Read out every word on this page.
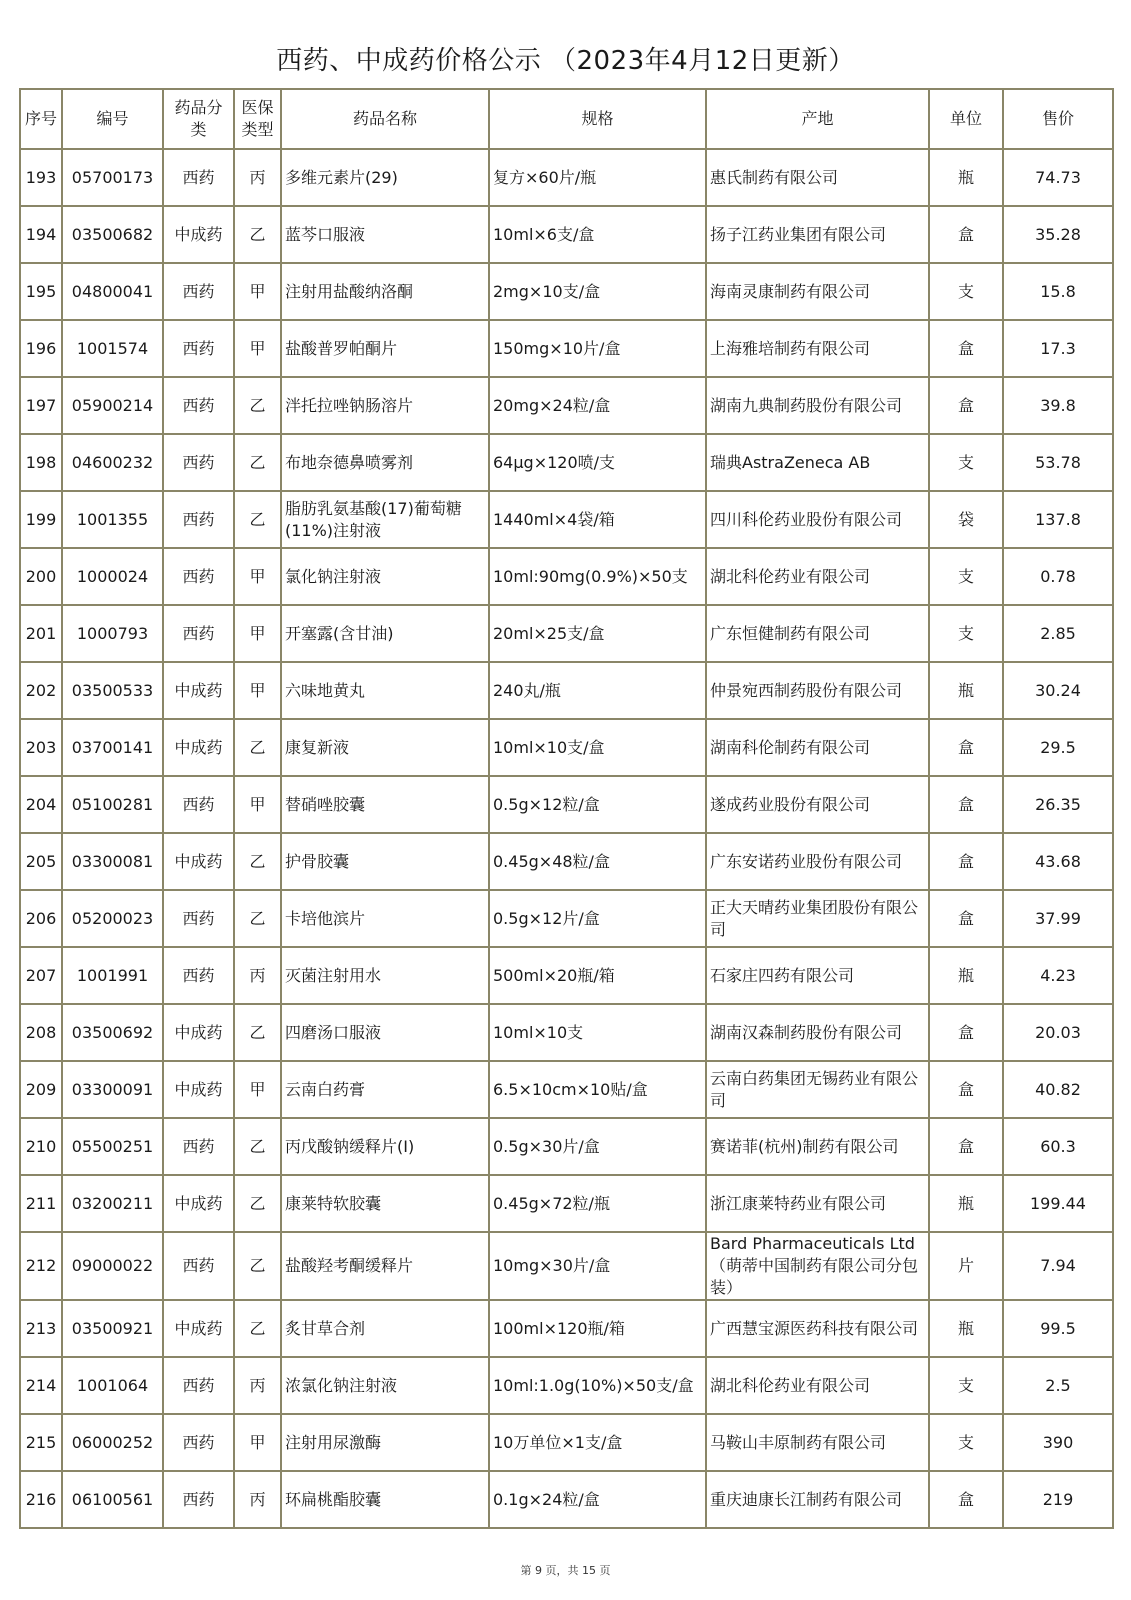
西药、中成药价格公示 （2023年4月12日更新）
序号	编号	药品分类	医保类型	药品名称	规格	产地	单位	售价
193	05700173	西药	丙	多维元素片(29)	复方×60片/瓶	惠氏制药有限公司	瓶	74.73
194	03500682	中成药	乙	蓝芩口服液	10ml×6支/盒	扬子江药业集团有限公司	盒	35.28
195	04800041	西药	甲	注射用盐酸纳洛酮	2mg×10支/盒	海南灵康制药有限公司	支	15.8
196	1001574	西药	甲	盐酸普罗帕酮片	150mg×10片/盒	上海雅培制药有限公司	盒	17.3
197	05900214	西药	乙	泮托拉唑钠肠溶片	20mg×24粒/盒	湖南九典制药股份有限公司	盒	39.8
198	04600232	西药	乙	布地奈德鼻喷雾剂	64μg×120喷/支	瑞典AstraZeneca AB	支	53.78
199	1001355	西药	乙	脂肪乳氨基酸(17)葡萄糖(11%)注射液	1440ml×4袋/箱	四川科伦药业股份有限公司	袋	137.8
200	1000024	西药	甲	氯化钠注射液	10ml:90mg(0.9%)×50支	湖北科伦药业有限公司	支	0.78
201	1000793	西药	甲	开塞露(含甘油)	20ml×25支/盒	广东恒健制药有限公司	支	2.85
202	03500533	中成药	甲	六味地黄丸	240丸/瓶	仲景宛西制药股份有限公司	瓶	30.24
203	03700141	中成药	乙	康复新液	10ml×10支/盒	湖南科伦制药有限公司	盒	29.5
204	05100281	西药	甲	替硝唑胶囊	0.5g×12粒/盒	遂成药业股份有限公司	盒	26.35
205	03300081	中成药	乙	护骨胶囊	0.45g×48粒/盒	广东安诺药业股份有限公司	盒	43.68
206	05200023	西药	乙	卡培他滨片	0.5g×12片/盒	正大天晴药业集团股份有限公司	盒	37.99
207	1001991	西药	丙	灭菌注射用水	500ml×20瓶/箱	石家庄四药有限公司	瓶	4.23
208	03500692	中成药	乙	四磨汤口服液	10ml×10支	湖南汉森制药股份有限公司	盒	20.03
209	03300091	中成药	甲	云南白药膏	6.5×10cm×10贴/盒	云南白药集团无锡药业有限公司	盒	40.82
210	05500251	西药	乙	丙戊酸钠缓释片(Ⅰ)	0.5g×30片/盒	赛诺菲(杭州)制药有限公司	盒	60.3
211	03200211	中成药	乙	康莱特软胶囊	0.45g×72粒/瓶	浙江康莱特药业有限公司	瓶	199.44
212	09000022	西药	乙	盐酸羟考酮缓释片	10mg×30片/盒	Bard Pharmaceuticals Ltd（萌蒂中国制药有限公司分包装）	片	7.94
213	03500921	中成药	乙	炙甘草合剂	100ml×120瓶/箱	广西慧宝源医药科技有限公司	瓶	99.5
214	1001064	西药	丙	浓氯化钠注射液	10ml:1.0g(10%)×50支/盒	湖北科伦药业有限公司	支	2.5
215	06000252	西药	甲	注射用尿激酶	10万单位×1支/盒	马鞍山丰原制药有限公司	支	390
216	06100561	西药	丙	环扁桃酯胶囊	0.1g×24粒/盒	重庆迪康长江制药有限公司	盒	219
第 9 页，共 15 页
